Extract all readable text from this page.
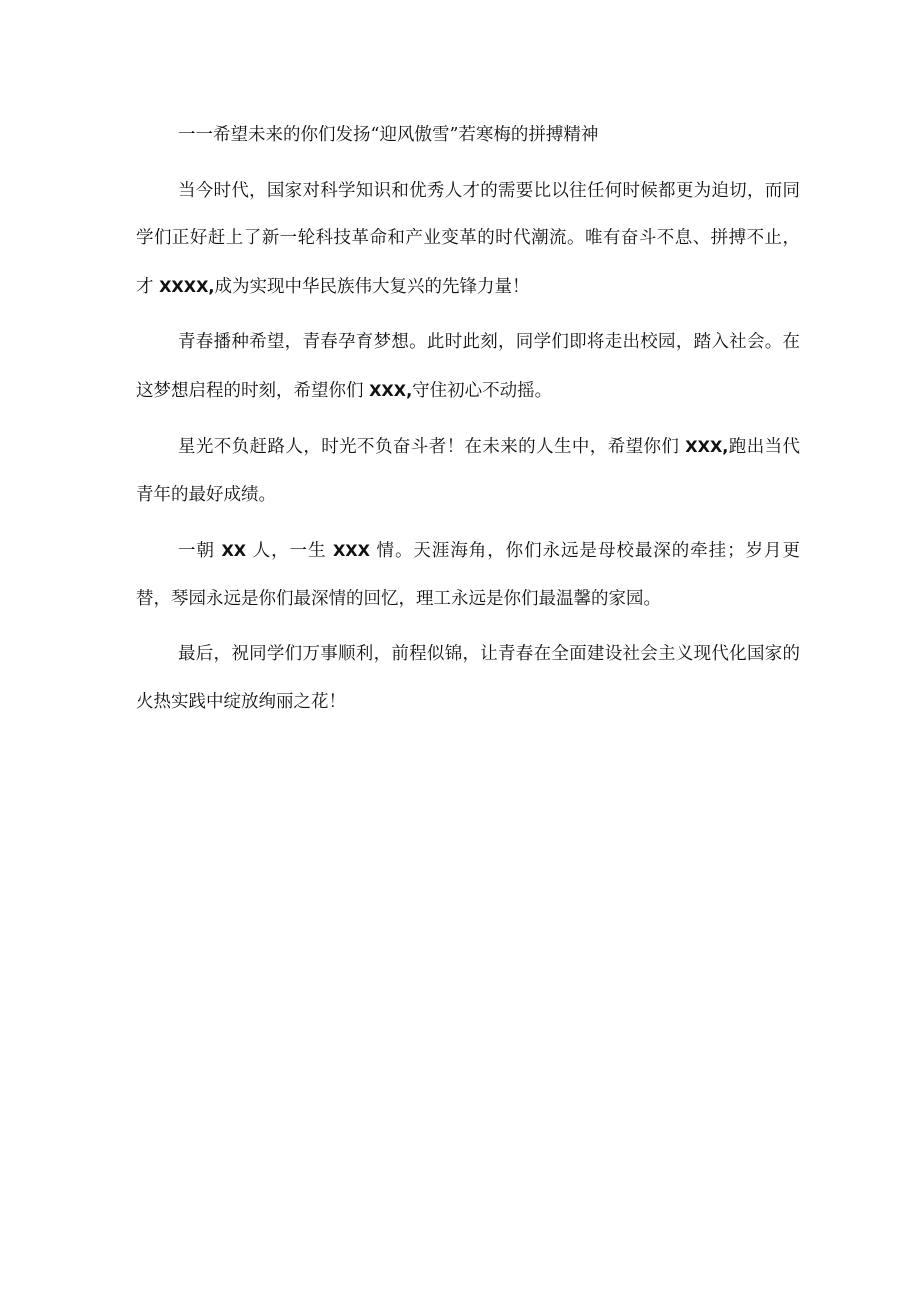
一一希望未来的你们发扬“迎风傲雪”若寒梅的拼搏精神

当今时代，国家对科学知识和优秀人才的需要比以往任何时候都更为迫切，而同学们正好赶上了新一轮科技革命和产业变革的时代潮流。唯有奋斗不息、拼搏不止，才 XXXX,成为实现中华民族伟大复兴的先锋力量！

青春播种希望，青春孕育梦想。此时此刻，同学们即将走出校园，踏入社会。在这梦想启程的时刻，希望你们 XXX,守住初心不动摇。

星光不负赶路人，时光不负奋斗者！在未来的人生中，希望你们 XXX,跑出当代青年的最好成绩。

一朝 XX 人，一生 XXX 情。天涯海角，你们永远是母校最深的牵挂；岁月更替，琴园永远是你们最深情的回忆，理工永远是你们最温馨的家园。

最后，祝同学们万事顺利，前程似锦，让青春在全面建设社会主义现代化国家的火热实践中绽放绚丽之花！
